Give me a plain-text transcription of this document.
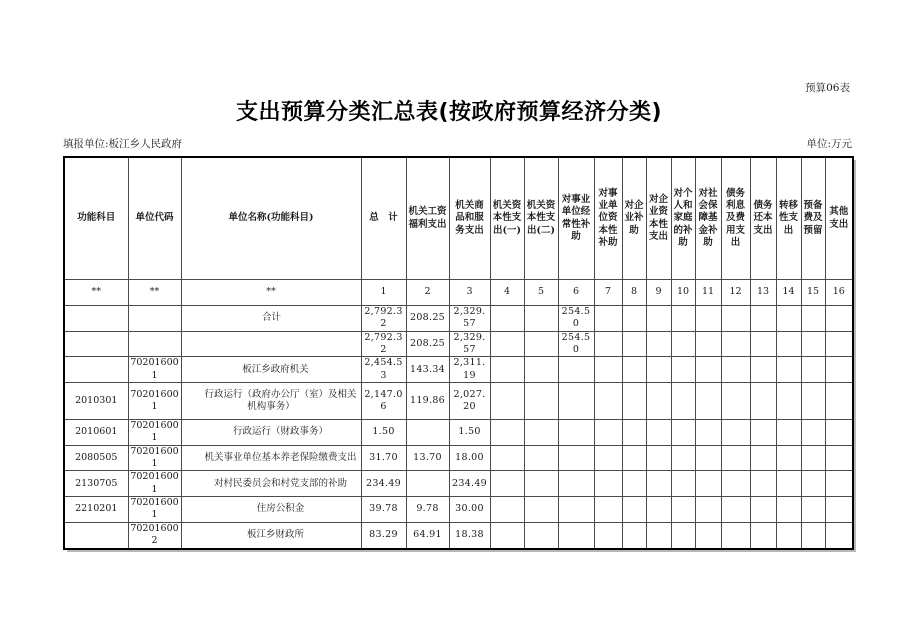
预算06表
支出预算分类汇总表(按政府预算经济分类)
填报单位:板江乡人民政府	单位:万元
功能科目	单位代码	单位名称(功能科目)	总　计	机关工资福利支出	机关商品和服务支出	机关资本性支出(一)	机关资本性支出(二)	对事业单位经常性补助	对事业单位资本性补助	对企业补助	对企业资本性支出	对个人和家庭的补助	对社会保障基金补助	债务利息及费用支出	债务还本支出	转移性支出	预备费及预留	其他支出
**	**	**	1	2	3	4	5	6	7	8	9	10	11	12	13	14	15	16
		合计	2,792.32	208.25	2,329.57			254.50										
			2,792.32	208.25	2,329.57			254.50										
	702016001	板江乡政府机关	2,454.53	143.34	2,311.19													
2010301	702016001	行政运行（政府办公厅（室）及相关机构事务）	2,147.06	119.86	2,027.20													
2010601	702016001	行政运行（财政事务）	1.50		1.50													
2080505	702016001	机关事业单位基本养老保险缴费支出	31.70	13.70	18.00													
2130705	702016001	对村民委员会和村党支部的补助	234.49		234.49													
2210201	702016001	住房公积金	39.78	9.78	30.00													
	702016002	板江乡财政所	83.29	64.91	18.38													
